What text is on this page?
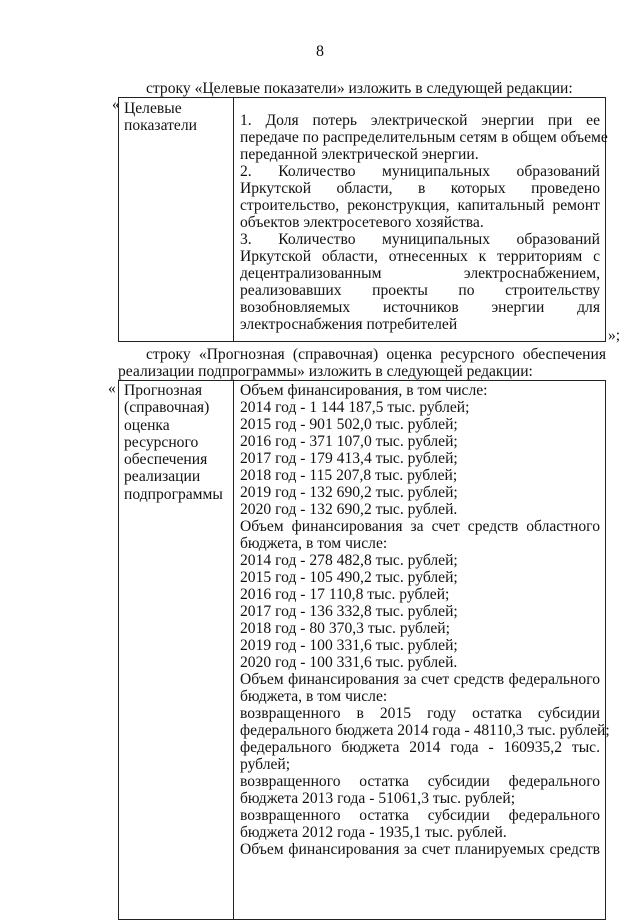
8
строку «Целевые показатели» изложить в следующей редакции:
« Целевые
показатели	1. Доля потерь электрической энергии при ее
передаче по распределительным сетям в общем объеме
переданной электрической энергии.
2. Количество муниципальных образований
Иркутской области, в которых проведено
строительство, реконструкция, капитальный ремонт
объектов электросетевого хозяйства.
3. Количество муниципальных образований
Иркутской области, отнесенных к территориям с
децентрализованным электроснабжением,
реализовавших проекты по строительству
возобновляемых источников энергии для
электроснабжения потребителей
»;
строку «Прогнозная (справочная) оценка ресурсного обеспечения
реализации подпрограммы» изложить в следующей редакции:
« Прогнозная
(справочная)
оценка
ресурсного
обеспечения
реализации
подпрограммы
Объем финансирования, в том числе:
2014 год - 1 144 187,5 тыс. рублей;
2015 год - 901 502,0 тыс. рублей;
2016 год - 371 107,0 тыс. рублей;
2017 год - 179 413,4 тыс. рублей;
2018 год - 115 207,8 тыс. рублей;
2019 год - 132 690,2 тыс. рублей;
2020 год - 132 690,2 тыс. рублей.
Объем финансирования за счет средств областного
бюджета, в том числе:
2014 год - 278 482,8 тыс. рублей;
2015 год - 105 490,2 тыс. рублей;
2016 год - 17 110,8 тыс. рублей;
2017 год - 136 332,8 тыс. рублей;
2018 год - 80 370,3 тыс. рублей;
2019 год - 100 331,6 тыс. рублей;
2020 год - 100 331,6 тыс. рублей.
Объем финансирования за счет средств федерального
бюджета, в том числе:
возвращенного в 2015 году остатка субсидии
федерального бюджета 2014 года - 48110,3 тыс. рублей;
федерального бюджета 2014 года - 160935,2 тыс.
рублей;
возвращенного остатка субсидии федерального
бюджета 2013 года - 51061,3 тыс. рублей;
возвращенного остатка субсидии федерального
бюджета 2012 года - 1935,1 тыс. рублей.
Объем финансирования за счет планируемых средств
